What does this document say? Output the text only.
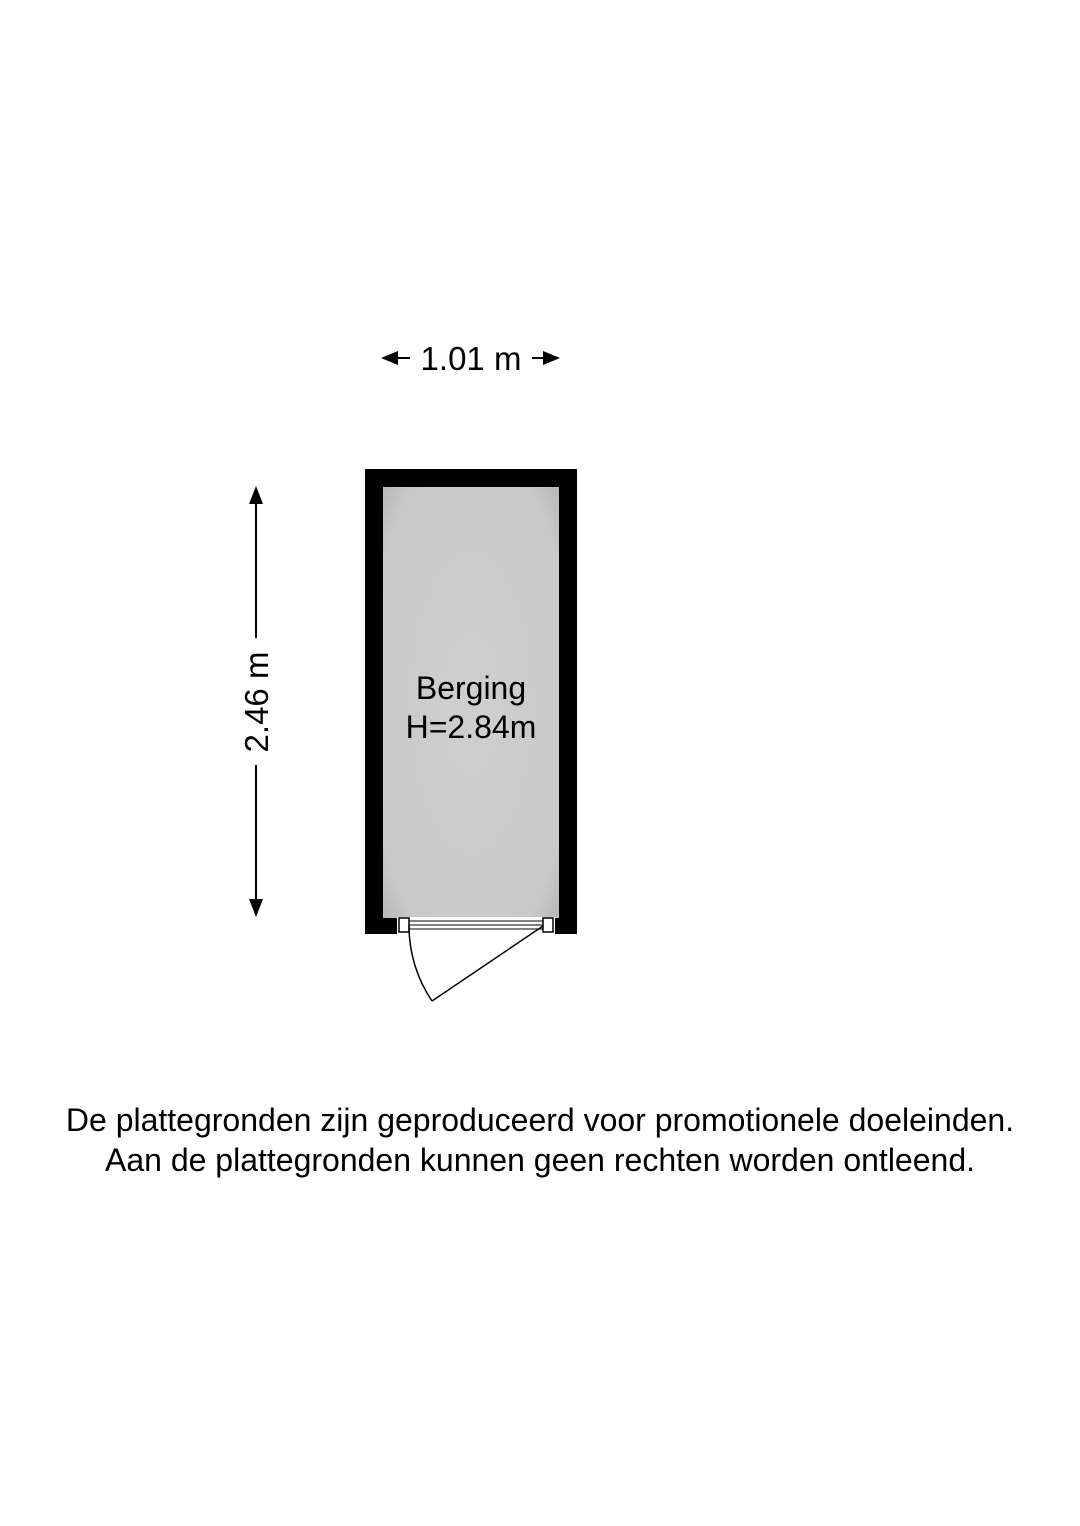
1.01 m
2.46 m	Berging
H=2.84m
De plattegronden zijn geproduceerd voor promotionele doeleinden.
Aan de plattegronden kunnen geen rechten worden ontleend.
